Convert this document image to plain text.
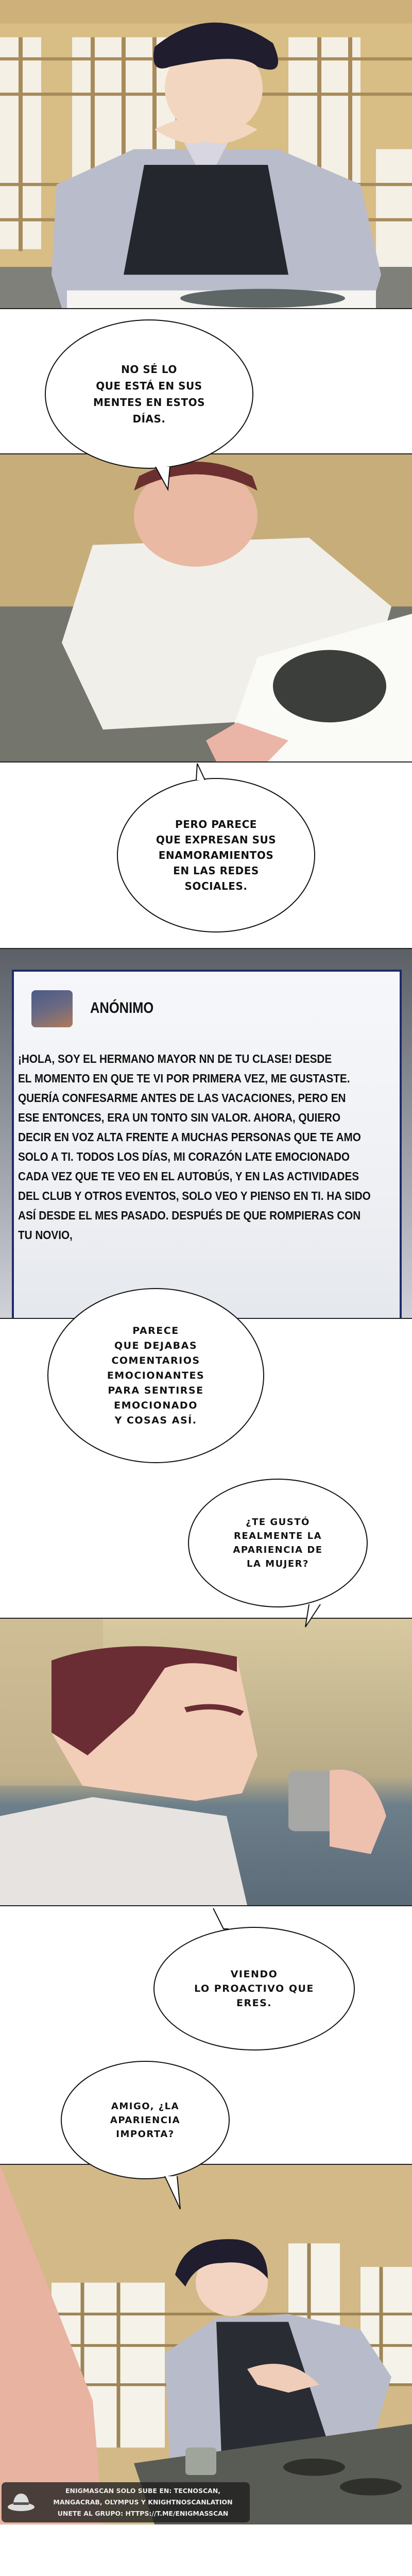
NO SÉ LO
QUE ESTÁ EN SUS
MENTES EN ESTOS
DÍAS.
PERO PARECE
QUE EXPRESAN SUS
ENAMORAMIENTOS
EN LAS REDES
SOCIALES.
ANÓNIMO
¡HOLA, SOY EL HERMANO MAYOR NN DE TU CLASE! DESDE
EL MOMENTO EN QUE TE VI POR PRIMERA VEZ, ME GUSTASTE.
QUERÍA CONFESARME ANTES DE LAS VACACIONES, PERO EN
ESE ENTONCES, ERA UN TONTO SIN VALOR. AHORA, QUIERO
DECIR EN VOZ ALTA FRENTE A MUCHAS PERSONAS QUE TE AMO
SOLO A TI. TODOS LOS DÍAS, MI CORAZÓN LATE EMOCIONADO
CADA VEZ QUE TE VEO EN EL AUTOBÚS, Y EN LAS ACTIVIDADES
DEL CLUB Y OTROS EVENTOS, SOLO VEO Y PIENSO EN TI. HA SIDO
ASÍ DESDE EL MES PASADO. DESPUÉS DE QUE ROMPIERAS CON
TU NOVIO,
PARECE
QUE DEJABAS
COMENTARIOS
EMOCIONANTES
PARA SENTIRSE
EMOCIONADO
Y COSAS ASÍ.
¿TE GUSTÓ
REALMENTE LA
APARIENCIA DE
LA MUJER?
VIENDO
LO PROACTIVO QUE
ERES.
AMIGO, ¿LA
APARIENCIA
IMPORTA?
ENIGMASCAN SOLO SUBE EN: TECNOSCAN,
MANGACRAB, OLYMPUS Y KNIGHTNOSCANLATION
UNETE AL GRUPO: HTTPS://T.ME/ENIGMASSCAN
